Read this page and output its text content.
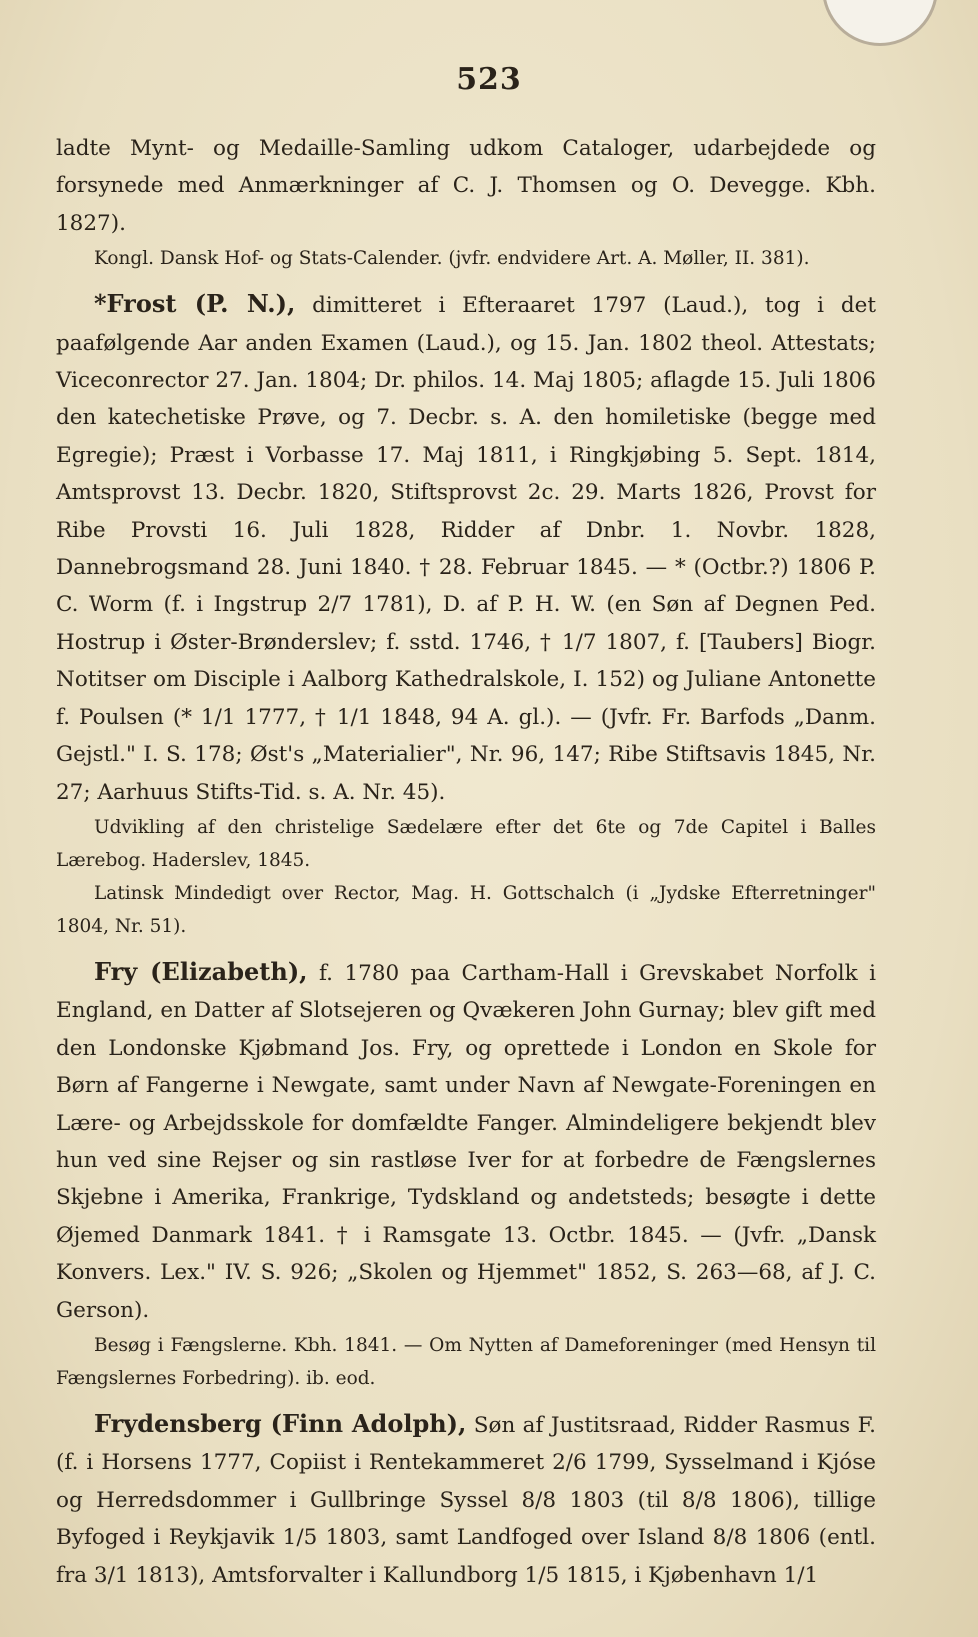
523

ladte Mynt- og Medaille-Samling udkom Cataloger, udarbejdede og forsynede med Anmærkninger af C. J. Thomsen og O. Devegge. Kbh. 1827).

Kongl. Dansk Hof- og Stats-Calender. (jvfr. endvidere Art. A. Møller, II. 381).

*Frost (P. N.), dimitteret i Efteraaret 1797 (Laud.), tog i det paafølgende Aar anden Examen (Laud.), og 15. Jan. 1802 theol. Attestats; Viceconrector 27. Jan. 1804; Dr. philos. 14. Maj 1805; aflagde 15. Juli 1806 den katechetiske Prøve, og 7. Decbr. s. A. den homiletiske (begge med Egregie); Præst i Vorbasse 17. Maj 1811, i Ringkjøbing 5. Sept. 1814, Amtsprovst 13. Decbr. 1820, Stiftsprovst 2c. 29. Marts 1826, Provst for Ribe Provsti 16. Juli 1828, Ridder af Dnbr. 1. Novbr. 1828, Dannebrogsmand 28. Juni 1840. † 28. Februar 1845. — * (Octbr.?) 1806 P. C. Worm (f. i Ingstrup 2/7 1781), D. af P. H. W. (en Søn af Degnen Ped. Hostrup i Øster-Brønderslev; f. sstd. 1746, † 1/7 1807, f. [Taubers] Biogr. Notitser om Disciple i Aalborg Kathedralskole, I. 152) og Juliane Antonette f. Poulsen (* 1/1 1777, † 1/1 1848, 94 A. gl.). — (Jvfr. Fr. Barfods „Danm. Gejstl." I. S. 178; Øst's „Materialier", Nr. 96, 147; Ribe Stiftsavis 1845, Nr. 27; Aarhuus Stifts-Tid. s. A. Nr. 45).

Udvikling af den christelige Sædelære efter det 6te og 7de Capitel i Balles Lærebog. Haderslev, 1845.

Latinsk Mindedigt over Rector, Mag. H. Gottschalch (i „Jydske Efterretninger" 1804, Nr. 51).

Fry (Elizabeth), f. 1780 paa Cartham-Hall i Grevskabet Norfolk i England, en Datter af Slotsejeren og Qvækeren John Gurnay; blev gift med den Londonske Kjøbmand Jos. Fry, og oprettede i London en Skole for Børn af Fangerne i Newgate, samt under Navn af Newgate-Foreningen en Lære- og Arbejdsskole for domfældte Fanger. Almindeligere bekjendt blev hun ved sine Rejser og sin rastløse Iver for at forbedre de Fængslernes Skjebne i Amerika, Frankrige, Tydskland og andetsteds; besøgte i dette Øjemed Danmark 1841. † i Ramsgate 13. Octbr. 1845. — (Jvfr. „Dansk Konvers. Lex." IV. S. 926; „Skolen og Hjemmet" 1852, S. 263—68, af J. C. Gerson).

Besøg i Fængslerne. Kbh. 1841. — Om Nytten af Dameforeninger (med Hensyn til Fængslernes Forbedring). ib. eod.

Frydensberg (Finn Adolph), Søn af Justitsraad, Ridder Rasmus F. (f. i Horsens 1777, Copiist i Rentekammeret 2/6 1799, Sysselmand i Kjóse og Herredsdommer i Gullbringe Syssel 8/8 1803 (til 8/8 1806), tillige Byfoged i Reykjavik 1/5 1803, samt Landfoged over Island 8/8 1806 (entl. fra 3/1 1813), Amtsforvalter i Kallundborg 1/5 1815, i Kjøbenhavn 1/1
